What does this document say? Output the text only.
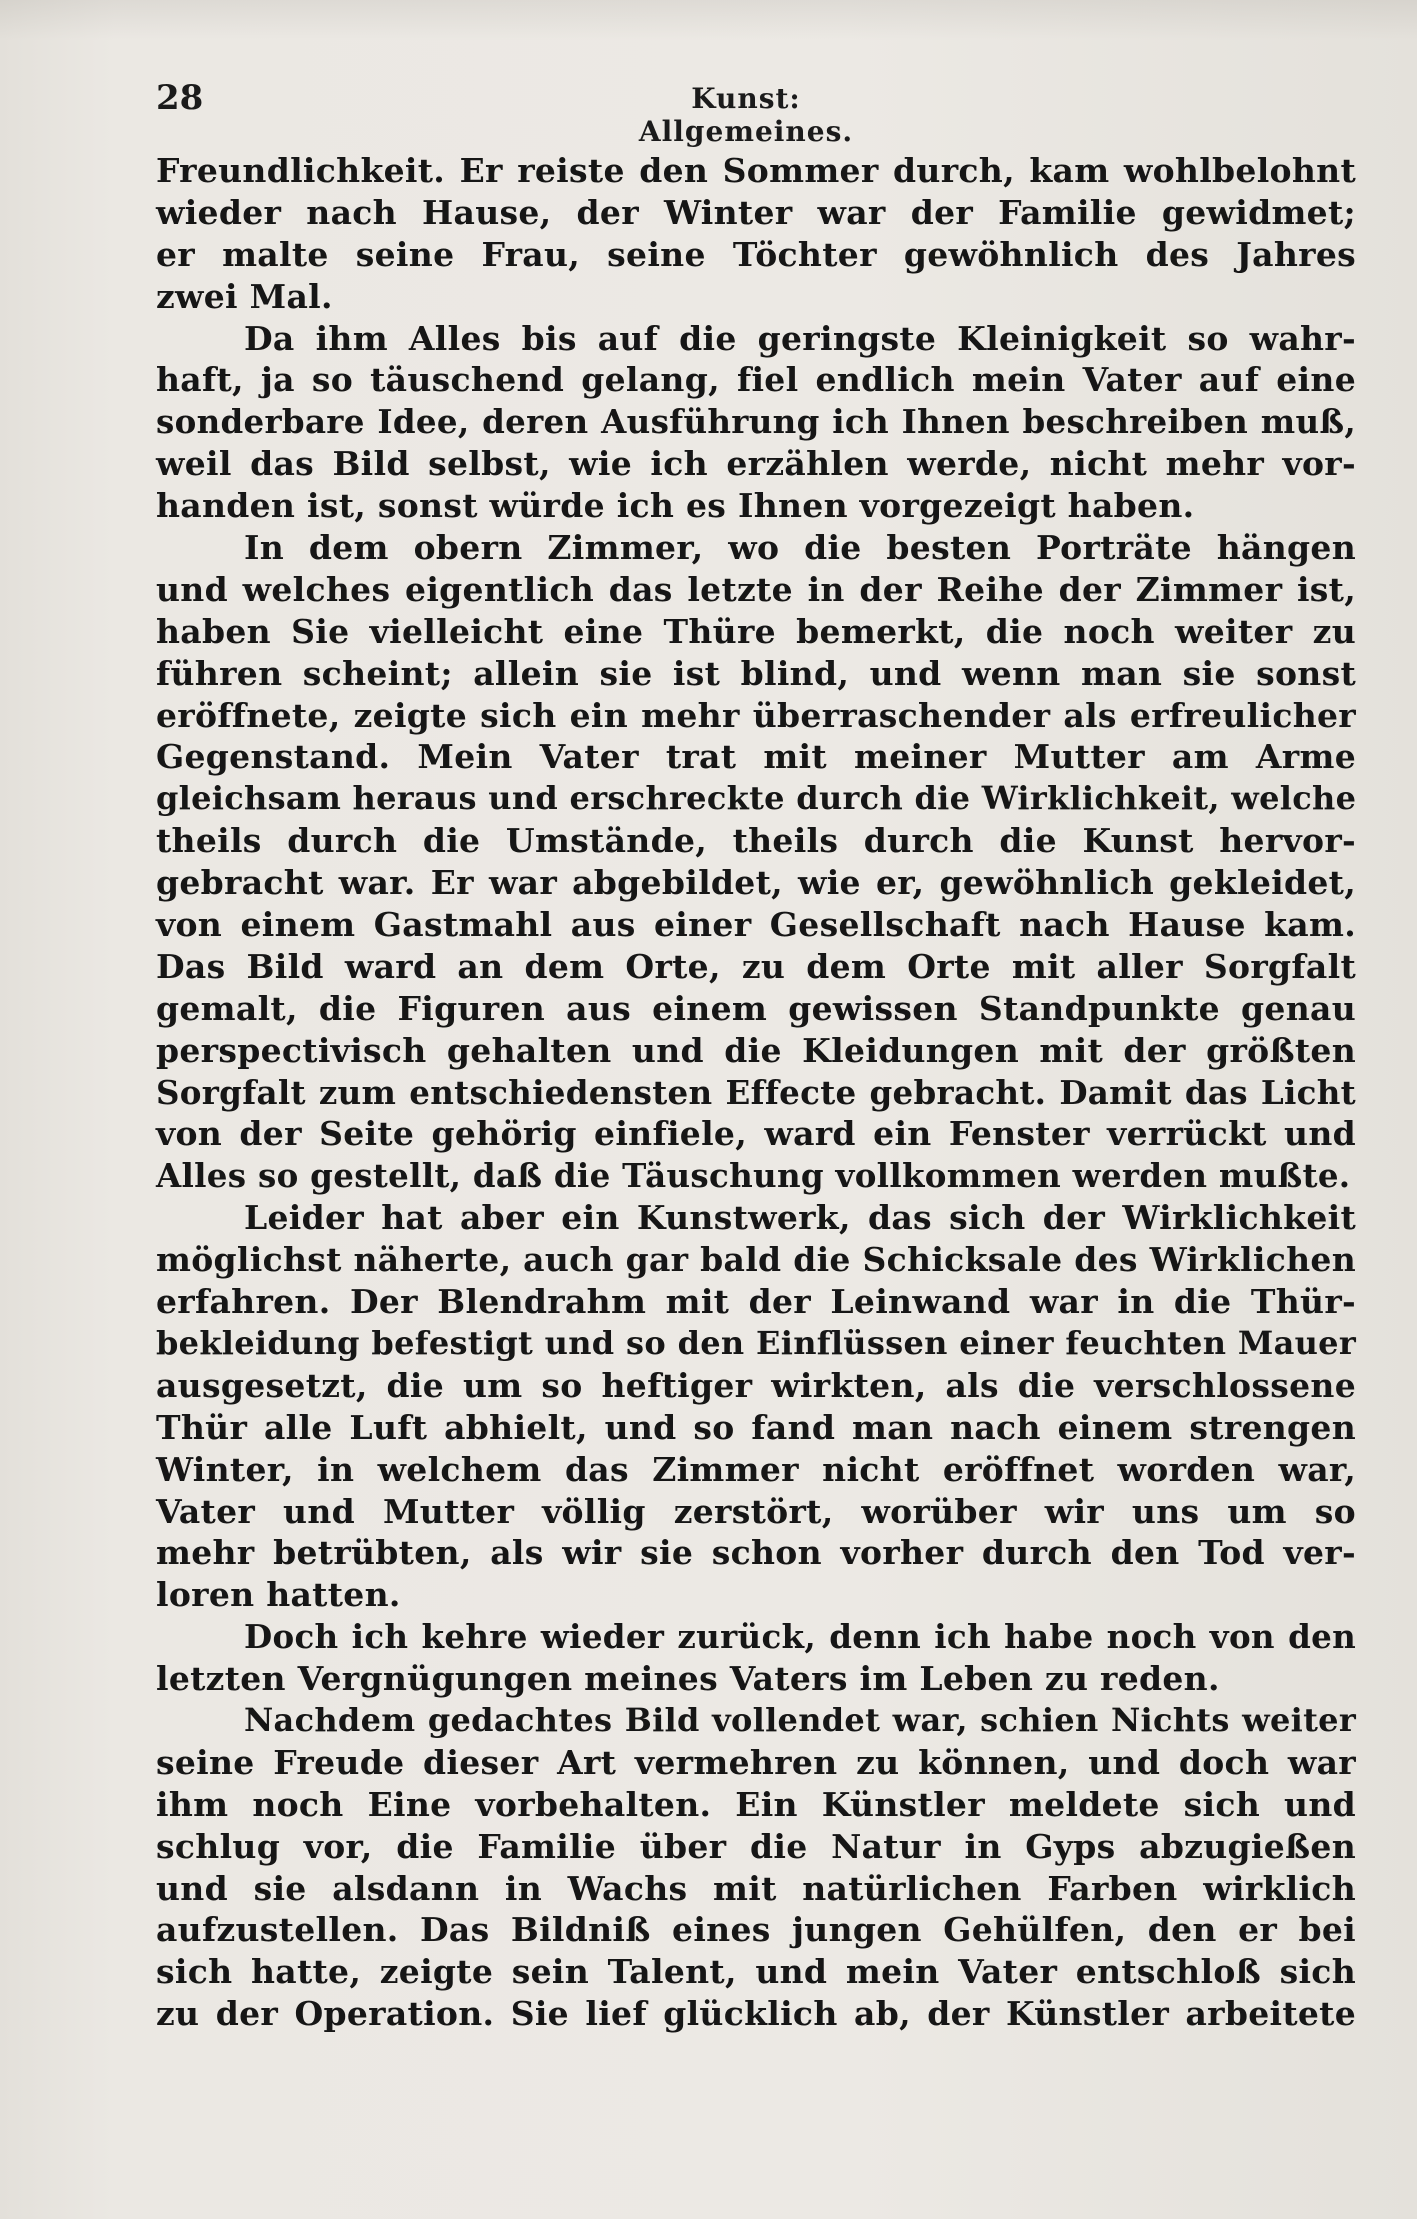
28	Kunst: Allgemeines.
Freundlichkeit. Er reiste den Sommer durch, kam wohlbelohnt
wieder nach Hause, der Winter war der Familie gewidmet;
er malte seine Frau, seine Töchter gewöhnlich des Jahres
zwei Mal.
Da ihm Alles bis auf die geringste Kleinigkeit so wahr-
haft, ja so täuschend gelang, fiel endlich mein Vater auf eine
sonderbare Idee, deren Ausführung ich Ihnen beschreiben muß,
weil das Bild selbst, wie ich erzählen werde, nicht mehr vor-
handen ist, sonst würde ich es Ihnen vorgezeigt haben.
In dem obern Zimmer, wo die besten Porträte hängen
und welches eigentlich das letzte in der Reihe der Zimmer ist,
haben Sie vielleicht eine Thüre bemerkt, die noch weiter zu
führen scheint; allein sie ist blind, und wenn man sie sonst
eröffnete, zeigte sich ein mehr überraschender als erfreulicher
Gegenstand. Mein Vater trat mit meiner Mutter am Arme
gleichsam heraus und erschreckte durch die Wirklichkeit, welche
theils durch die Umstände, theils durch die Kunst hervor-
gebracht war. Er war abgebildet, wie er, gewöhnlich gekleidet,
von einem Gastmahl aus einer Gesellschaft nach Hause kam.
Das Bild ward an dem Orte, zu dem Orte mit aller Sorgfalt
gemalt, die Figuren aus einem gewissen Standpunkte genau
perspectivisch gehalten und die Kleidungen mit der größten
Sorgfalt zum entschiedensten Effecte gebracht. Damit das Licht
von der Seite gehörig einfiele, ward ein Fenster verrückt und
Alles so gestellt, daß die Täuschung vollkommen werden mußte.
Leider hat aber ein Kunstwerk, das sich der Wirklichkeit
möglichst näherte, auch gar bald die Schicksale des Wirklichen
erfahren. Der Blendrahm mit der Leinwand war in die Thür-
bekleidung befestigt und so den Einflüssen einer feuchten Mauer
ausgesetzt, die um so heftiger wirkten, als die verschlossene
Thür alle Luft abhielt, und so fand man nach einem strengen
Winter, in welchem das Zimmer nicht eröffnet worden war,
Vater und Mutter völlig zerstört, worüber wir uns um so
mehr betrübten, als wir sie schon vorher durch den Tod ver-
loren hatten.
Doch ich kehre wieder zurück, denn ich habe noch von den
letzten Vergnügungen meines Vaters im Leben zu reden.
Nachdem gedachtes Bild vollendet war, schien Nichts weiter
seine Freude dieser Art vermehren zu können, und doch war
ihm noch Eine vorbehalten. Ein Künstler meldete sich und
schlug vor, die Familie über die Natur in Gyps abzugießen
und sie alsdann in Wachs mit natürlichen Farben wirklich
aufzustellen. Das Bildniß eines jungen Gehülfen, den er bei
sich hatte, zeigte sein Talent, und mein Vater entschloß sich
zu der Operation. Sie lief glücklich ab, der Künstler arbeitete
